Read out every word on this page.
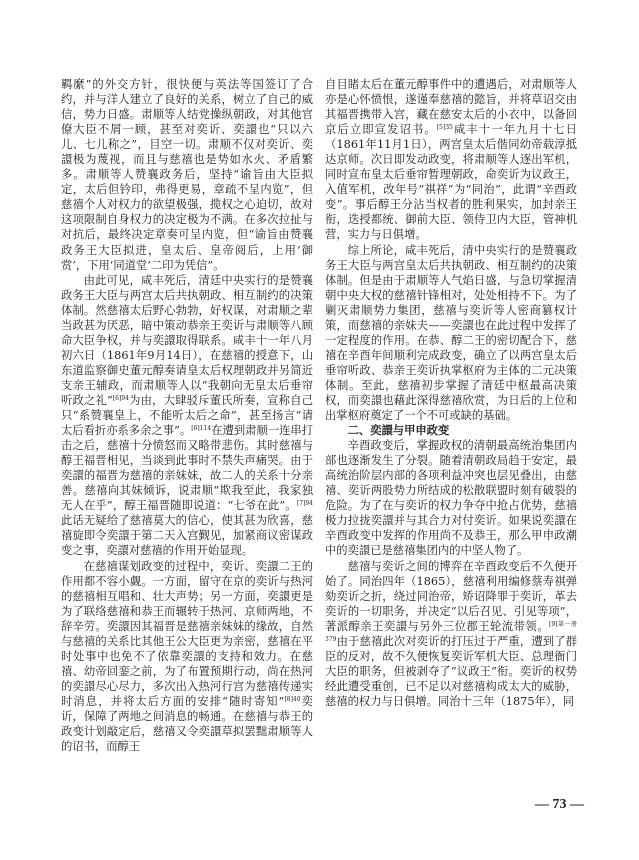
羁縻”的外交方针，很快便与英法等国签订了合约，并与洋人建立了良好的关系，树立了自己的威信，势力日盛。肃顺等人结党操纵朝政，对其他官僚大臣不屑一顾，甚至对奕䜣、奕譞也“只以六儿、七儿称之”，目空一切。肃顺不仅对奕䜣、奕譞极为蔑视，而且与慈禧也是势如水火、矛盾繁多。肃顺等人赞襄政务后，坚持“谕旨由大臣拟定，太后但钤印，弗得更易，章疏不呈内览”，但慈禧个人对权力的欲望极强，揽权之心迫切，故对这项限制自身权力的决定极为不满。在多次拉扯与对抗后，最终决定章奏可呈内览，但“谕旨由赞襄政务王大臣拟进，皇太后、皇帝阅后，上用‘御赏’，下用‘同道堂’二印为凭信”。

由此可见，咸丰死后，清廷中央实行的是赞襄政务王大臣与两宫太后共执朝政、相互制约的决策体制。然慈禧太后野心勃勃，好权谋，对肃顺之辈当政甚为厌恶，暗中策动恭亲王奕䜣与肃顺等八顾命大臣争权，并与奕譞取得联系。咸丰十一年八月初六日（1861年9月14日），在慈禧的授意下，山东道监察御史董元醇奏请皇太后权理朝政并另简近支亲王辅政，而肃顺等人以“我朝向无皇太后垂帘听政之礼”$^{[6]94}$为由，大肆驳斥董氏所奏，宣称自己只“系赞襄皇上，不能听太后之命”，甚至扬言“请太后看折亦系多余之事”。$^{[6]114}$在遭到肃顺一连串打击之后，慈禧十分愤怒而又略带悲伤。其时慈禧与醇王福晋相见，当谈到此事时不禁失声痛哭。由于奕譞的福晋为慈禧的亲妹妹，故二人的关系十分亲善。慈禧向其妹倾诉，说肃顺“欺我至此，我家独无人在乎”，醇王福晋随即说道：“七爷在此”。$^{[7]94}$此话无疑给了慈禧莫大的信心，使其甚为欣喜，慈禧旋即令奕譞于第二天入宫觐见，加紧商议密谋政变之事，奕譞对慈禧的作用开始显现。

在慈禧谋划政变的过程中，奕䜣、奕譞二王的作用都不容小觑。一方面，留守在京的奕䜣与热河的慈禧相互唱和、壮大声势；另一方面，奕譞更是为了联络慈禧和恭王而辗转于热河、京师两地，不辞辛劳。奕譞因其福晋是慈禧亲妹妹的缘故，自然与慈禧的关系比其他王公大臣更为亲密，慈禧在平时处事中也免不了依靠奕譞的支持和效力。在慈禧、幼帝回銮之前，为了布置预期行动，尚在热河的奕譞尽心尽力，多次出入热河行宫为慈禧传递实时消息，并将太后方面的安排“随时寄知”$^{[8]40}$奕䜣，保障了两地之间消息的畅通。在慈禧与恭王的政变计划敲定后，慈禧又令奕譞草拟罢黜肃顺等人的诏书，而醇王

自目睹太后在董元醇事件中的遭遇后，对肃顺等人亦是心怀愤恨，遂谨奉慈禧的懿旨，并将草诏交由其福晋携带入宫，藏在慈安太后的小衣中，以备回京后立即宣发诏书。$^{[5]35}$咸丰十一年九月十七日（1861年11月1日），两宫皇太后偕同幼帝载淳抵达京师。次日即发动政变，将肃顺等人逐出军机，同时宣布皇太后垂帘暂理朝政，命奕䜣为议政王，入值军机，改年号“祺祥”为“同治”，此谓“辛酉政变”。事后醇王分沾当权者的胜利果实，加封亲王衔，迭授都统、御前大臣、领侍卫内大臣，管神机营，实力与日俱增。

综上所论，咸丰死后，清中央实行的是赞襄政务王大臣与两宫皇太后共执朝政、相互制约的决策体制。但是由于肃顺等人气焰日盛，与急切掌握清朝中央大权的慈禧针锋相对，处处相持不下。为了剿灭肃顺势力集团，慈禧与奕䜣等人密商篡权计策，而慈禧的亲妹夫——奕譞也在此过程中发挥了一定程度的作用。在恭、醇二王的密切配合下，慈禧在辛酉年间顺利完成政变，确立了以两宫皇太后垂帘听政、恭亲王奕䜣执掌枢府为主体的二元决策体制。至此，慈禧初步掌握了清廷中枢最高决策权，而奕譞也藉此深得慈禧欣赏，为日后的上位和出掌枢府奠定了一个不可或缺的基础。

二、奕譞与甲申政变

辛酉政变后，掌握政权的清朝最高统治集团内部也逐渐发生了分裂。随着清朝政局趋于安定，最高统治阶层内部的各项利益冲突也层见叠出，由慈禧、奕䜣两股势力所结成的松散联盟时刻有破裂的危险。为了在与奕䜣的权力争夺中抢占优势，慈禧极力拉拢奕譞并与其合力对付奕䜣。如果说奕譞在辛酉政变中发挥的作用尚不及恭王，那么甲申政潮中的奕譞已是慈禧集团内的中坚人物了。

慈禧与奕䜣之间的博弈在辛酉政变后不久便开始了。同治四年（1865），慈禧利用编修蔡寿祺弹劾奕䜣之折，绕过同治帝，矫诏降罪于奕䜣，革去奕䜣的一切职务，并决定“以后召见、引见等项”，著派醇亲王奕譞与另外三位郡王轮流带领。$^{[9]第一册379}$由于慈禧此次对奕䜣的打压过于严重，遭到了群臣的反对，故不久便恢复奕䜣军机大臣、总理衙门大臣的职务，但被剥夺了“议政王”衔。奕䜣的权势经此遭受重创，已不足以对慈禧构成太大的威胁，慈禧的权力与日俱增。同治十三年（1875年），同

— 73 —
